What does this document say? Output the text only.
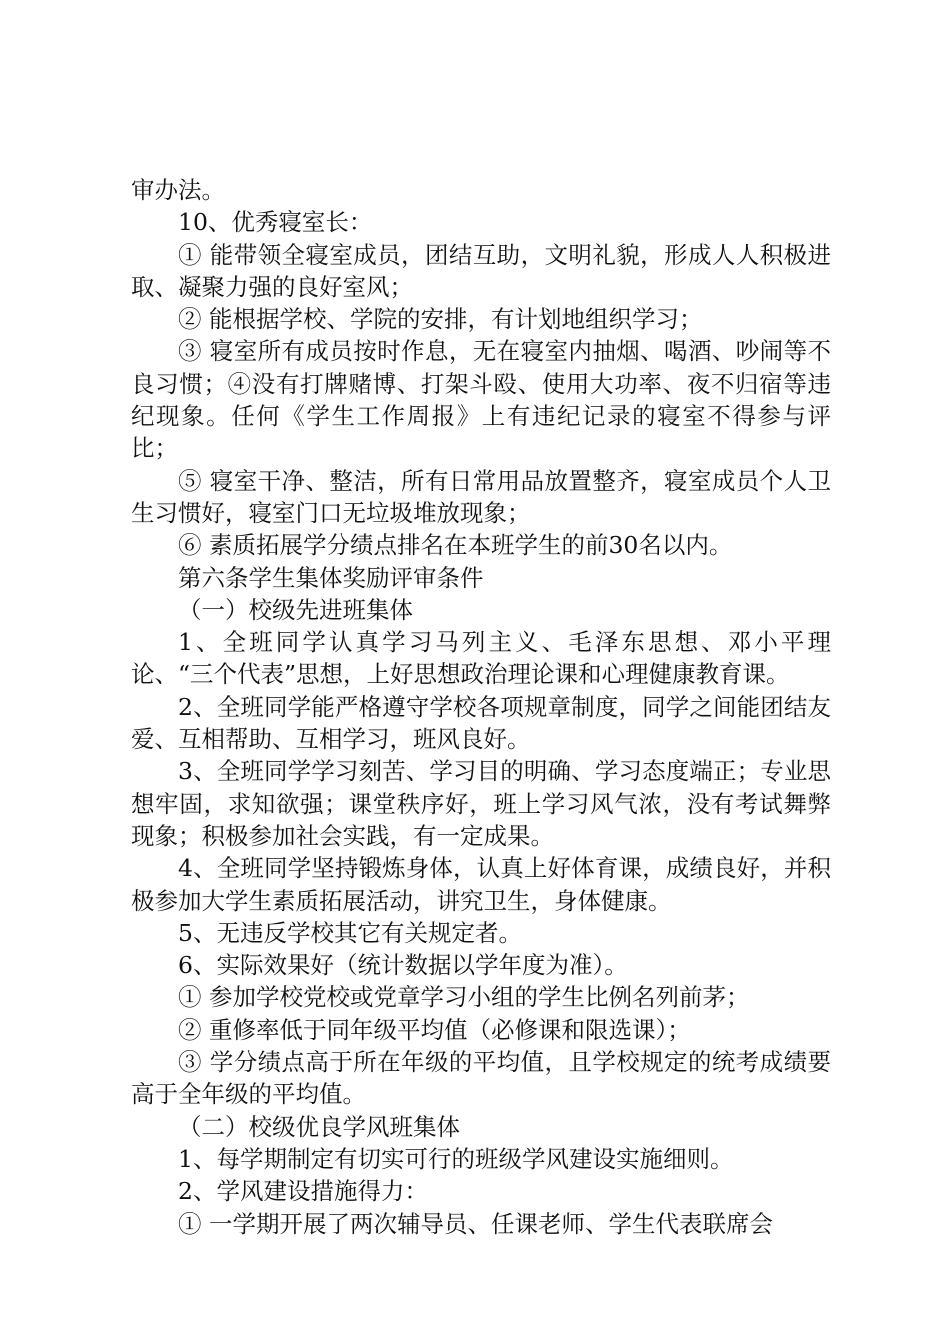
审办法。

10、优秀寝室长：

① 能带领全寝室成员，团结互助，文明礼貌，形成人人积极进取、凝聚力强的良好室风；

② 能根据学校、学院的安排，有计划地组织学习；

③ 寝室所有成员按时作息，无在寝室内抽烟、喝酒、吵闹等不良习惯；④没有打牌赌博、打架斗殴、使用大功率、夜不归宿等违纪现象。任何《学生工作周报》上有违纪记录的寝室不得参与评比；

⑤ 寝室干净、整洁，所有日常用品放置整齐，寝室成员个人卫生习惯好，寝室门口无垃圾堆放现象；

⑥ 素质拓展学分绩点排名在本班学生的前30名以内。

第六条学生集体奖励评审条件

（一）校级先进班集体

1、全班同学认真学习马列主义、毛泽东思想、邓小平理论、“三个代表”思想，上好思想政治理论课和心理健康教育课。

2、全班同学能严格遵守学校各项规章制度，同学之间能团结友爱、互相帮助、互相学习，班风良好。

3、全班同学学习刻苦、学习目的明确、学习态度端正；专业思想牢固，求知欲强；课堂秩序好，班上学习风气浓，没有考试舞弊现象；积极参加社会实践，有一定成果。

4、全班同学坚持锻炼身体，认真上好体育课，成绩良好，并积极参加大学生素质拓展活动，讲究卫生，身体健康。

5、无违反学校其它有关规定者。

6、实际效果好（统计数据以学年度为准）。

① 参加学校党校或党章学习小组的学生比例名列前茅；

② 重修率低于同年级平均值（必修课和限选课）；

③ 学分绩点高于所在年级的平均值，且学校规定的统考成绩要高于全年级的平均值。

（二）校级优良学风班集体

1、每学期制定有切实可行的班级学风建设实施细则。

2、学风建设措施得力：

① 一学期开展了两次辅导员、任课老师、学生代表联席会
